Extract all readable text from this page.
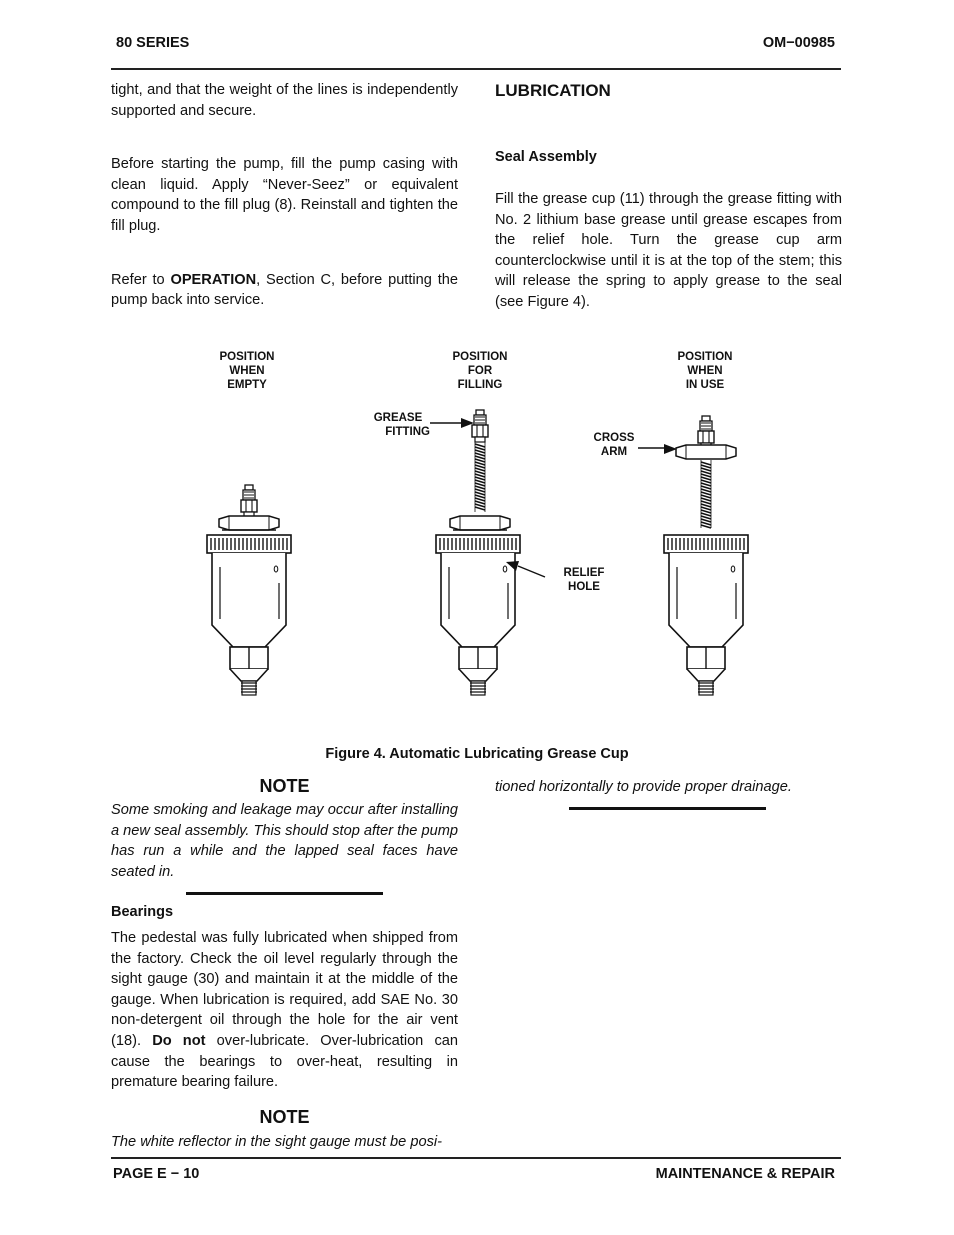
80 SERIES	OM−00985

tight, and that the weight of the lines is independently supported and secure.

Before starting the pump, fill the pump casing with clean liquid. Apply “Never-Seez” or equivalent compound to the fill plug (8). Reinstall and tighten the fill plug.

Refer to OPERATION, Section C, before putting the pump back into service.

LUBRICATION
Seal Assembly

Fill the grease cup (11) through the grease fitting with No. 2 lithium base grease until grease escapes from the relief hole. Turn the grease cup arm counterclockwise until it is at the top of the stem; this will release the spring to apply grease to the seal (see Figure 4).

POSITION
WHEN
EMPTY
POSITION
FOR
FILLING
POSITION
WHEN
IN USE
GREASE
FITTING	CROSS
ARM
RELIEF
HOLE
Figure 4. Automatic Lubricating Grease Cup
NOTE
Some smoking and leakage may occur after installing a new seal assembly. This should stop after the pump has run a while and the lapped seal faces have seated in.
Bearings
The pedestal was fully lubricated when shipped from the factory. Check the oil level regularly through the sight gauge (30) and maintain it at the middle of the gauge. When lubrication is required, add SAE No. 30 non-detergent oil through the hole for the air vent (18). Do not over-lubricate. Over-lubrication can cause the bearings to over-heat, resulting in premature bearing failure.
NOTE
The white reflector in the sight gauge must be posi-
tioned horizontally to provide proper drainage.
PAGE E − 10	MAINTENANCE & REPAIR
